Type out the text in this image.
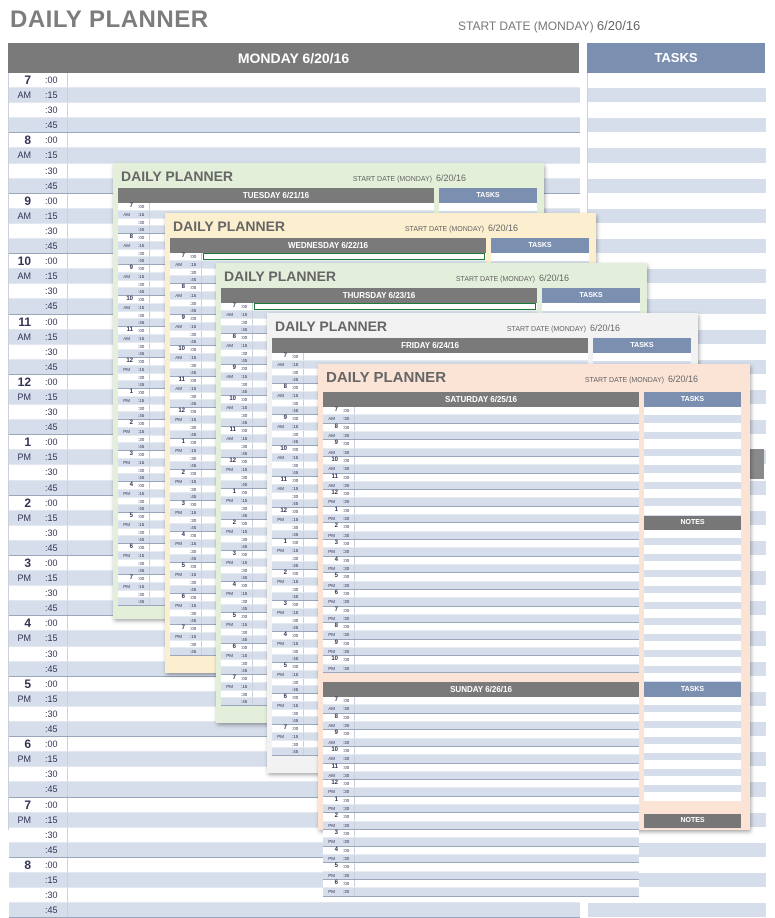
DAILY PLANNER	START DATE (MONDAY) 6/20/16
MONDAY 6/20/16	TASKS
7 :00
AM :15
:30
:45
8 :00
AM :15
:30
:45
9 :00
AM :15
:30
:45
10 :00
AM :15
:30
:45
11 :00
AM :15
:30
:45
12 :00
PM :15
:30
:45
1 :00
PM :15
:30
:45
2 :00
PM :15
:30
:45
3 :00
PM :15
:30
:45
4 :00
PM :15
:30
:45
5 :00
PM :15
:30
:45
6 :00
PM :15
:30
:45
7 :00
PM :15
:30
:45
8 :00
:15
:30
:45
DAILY PLANNER	START DATE (MONDAY) 6/20/16
TUESDAY 6/21/16	TASKS
7 :00
AM :15
:30
:45
8 :00
AM :15
:30
:45
9 :00
AM :15
:30
:45
10 :00
AM :15
:30
:45
11 :00
AM :15
:30
:45
12 :00
PM :15
:30
:45
1 :00
PM :15
:30
:45
2 :00
PM :15
:30
:45
3 :00
PM :15
:30
:45
4 :00
PM :15
:30
:45
5 :00
PM :15
:30
:45
6 :00
PM :15
:30
:45
7 :00
PM :15
:30
:45
DAILY PLANNER	START DATE (MONDAY) 6/20/16
WEDNESDAY 6/22/16	TASKS
7 :00
AM :15
:30
:45
8 :00
AM :15
:30
:45
9 :00
AM :15
:30
:45
10 :00
AM :15
:30
:45
11 :00
AM :15
:30
:45
12 :00
PM :15
:30
:45
1 :00
PM :15
:30
:45
2 :00
PM :15
:30
:45
3 :00
PM :15
:30
:45
4 :00
PM :15
:30
:45
5 :00
PM :15
:30
:45
6 :00
PM :15
:30
:45
7 :00
PM :15
:30
:45
DAILY PLANNER	START DATE (MONDAY) 6/20/16
THURSDAY 6/23/16	TASKS
7 :00
AM :15
:30
:45
8 :00
AM :15
:30
:45
9 :00
AM :15
:30
:45
10 :00
AM :15
:30
:45
11 :00
AM :15
:30
:45
12 :00
PM :15
:30
:45
1 :00
PM :15
:30
:45
2 :00
PM :15
:30
:45
3 :00
PM :15
:30
:45
4 :00
PM :15
:30
:45
5 :00
PM :15
:30
:45
6 :00
PM :15
:30
:45
7 :00
PM :15
:30
:45
DAILY PLANNER	START DATE (MONDAY) 6/20/16
FRIDAY 6/24/16	TASKS
7 :00
AM :15
:30
:45
8 :00
AM :15
:30
:45
9 :00
AM :15
:30
:45
10 :00
AM :15
:30
:45
11 :00
AM :15
:30
:45
12 :00
PM :15
:30
:45
1 :00
PM :15
:30
:45
2 :00
PM :15
:30
:45
3 :00
PM :15
:30
:45
4 :00
PM :15
:30
:45
5 :00
PM :15
:30
:45
6 :00
PM :15
:30
:45
7 :00
PM :15
:30
:45
DAILY PLANNER	START DATE (MONDAY) 6/20/16
SATURDAY 6/25/16	TASKS
7 :00
AM :30
8 :00
AM :30
9 :00
AM :30
10 :00
AM :30
11 :00
AM :30
12 :00
PM :30
1 :00
PM :30
2 :00
PM :30
3 :00
PM :30
4 :00
PM :30
5 :00
PM :30
6 :00
PM :30
7 :00
PM :30
8 :00
PM :30
9 :00
PM :30
10 :00
PM :30
NOTES
SUNDAY 6/26/16	TASKS
7 :00
AM :30
8 :00
AM :30
9 :00
AM :30
10 :00
AM :30
11 :00
AM :30
12 :00
PM :30
1 :00
PM :30
2 :00
PM :30
3 :00
PM :30
4 :00
PM :30
5 :00
PM :30
6 :00
PM :30
NOTES
